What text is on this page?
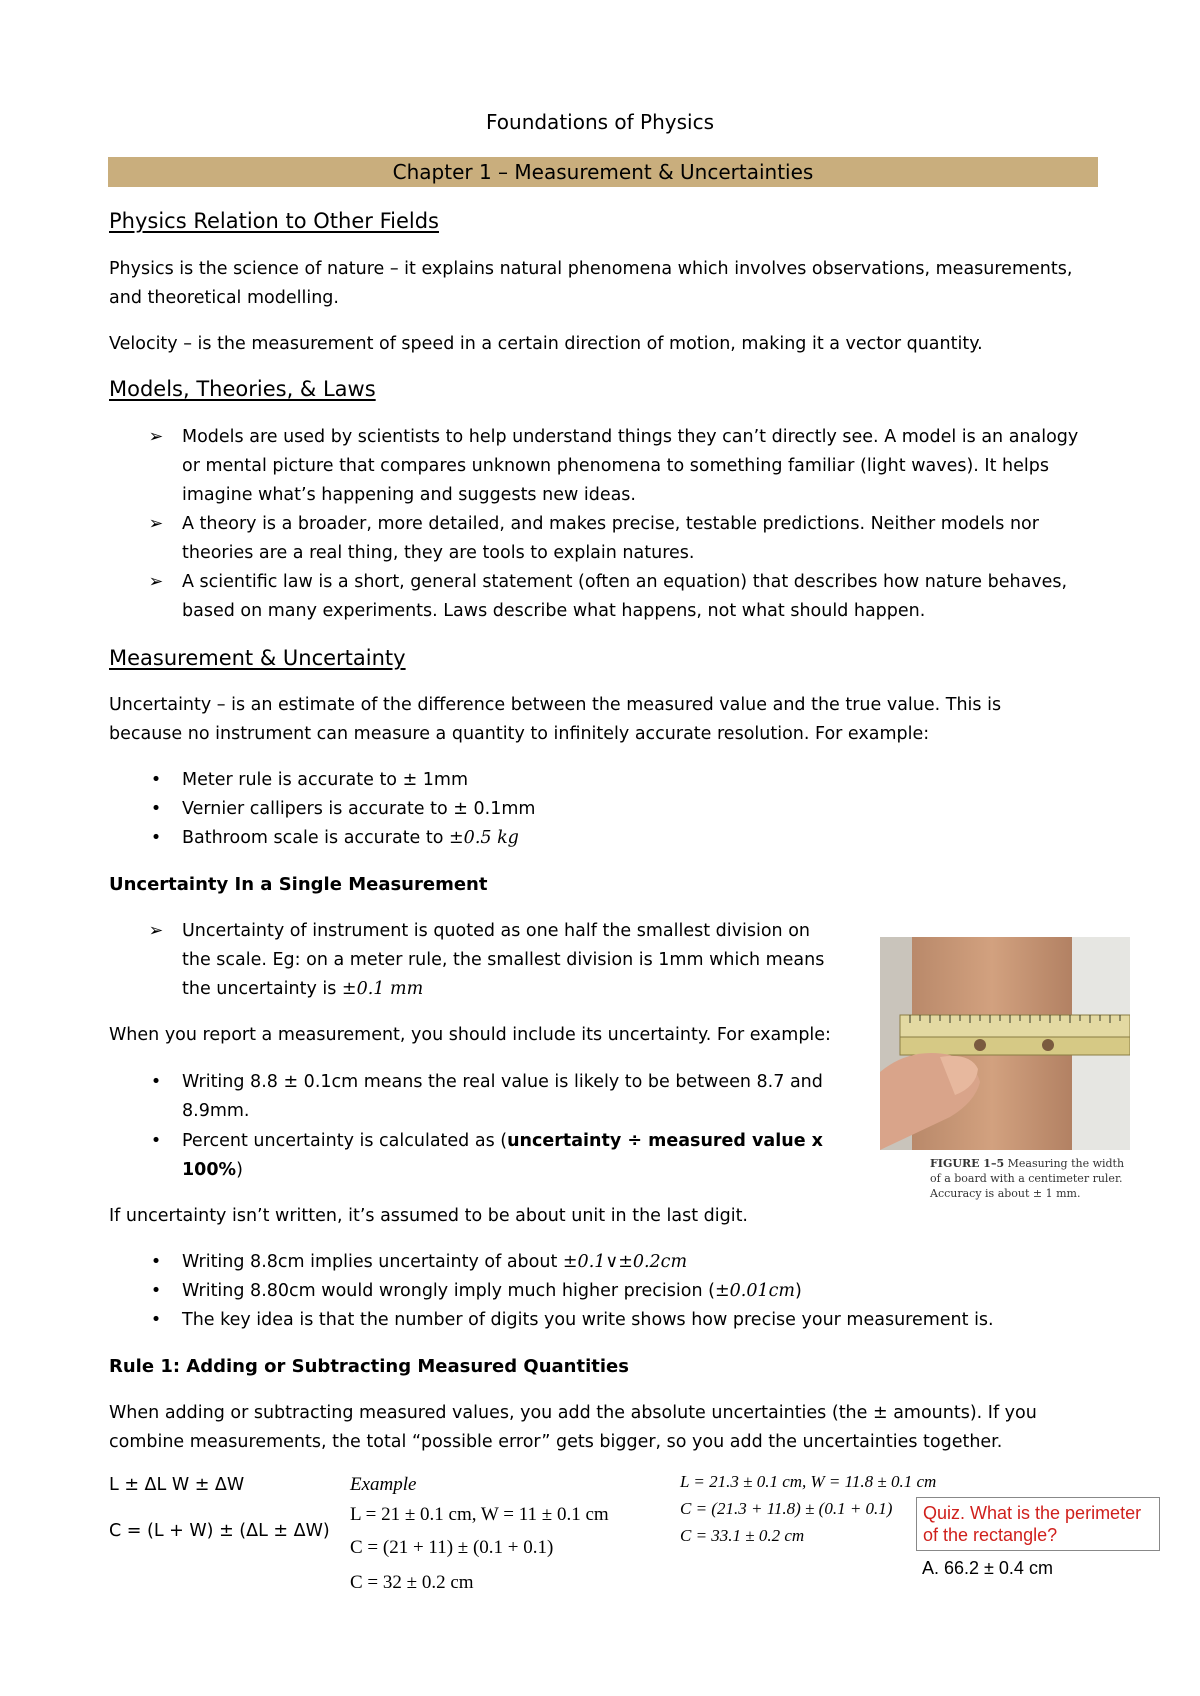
Foundations of Physics
Chapter 1 – Measurement & Uncertainties
Physics Relation to Other Fields
Physics is the science of nature – it explains natural phenomena which involves observations, measurements,
and theoretical modelling.
Velocity – is the measurement of speed in a certain direction of motion, making it a vector quantity.
Models, Theories, & Laws
➢ Models are used by scientists to help understand things they can’t directly see. A model is an analogy
or mental picture that compares unknown phenomena to something familiar (light waves). It helps
imagine what’s happening and suggests new ideas.
➢ A theory is a broader, more detailed, and makes precise, testable predictions. Neither models nor
theories are a real thing, they are tools to explain natures.
➢ A scientific law is a short, general statement (often an equation) that describes how nature behaves,
based on many experiments. Laws describe what happens, not what should happen.
Measurement & Uncertainty
Uncertainty – is an estimate of the difference between the measured value and the true value. This is
because no instrument can measure a quantity to infinitely accurate resolution. For example:
•	Meter rule is accurate to ± 1mm
•	Vernier callipers is accurate to ± 0.1mm
•	Bathroom scale is accurate to ±0.5 kg
Uncertainty In a Single Measurement
➢ Uncertainty of instrument is quoted as one half the smallest division on
the scale. Eg: on a meter rule, the smallest division is 1mm which means
the uncertainty is ±0.1 mm
When you report a measurement, you should include its uncertainty. For example:
•	Writing 8.8 ± 0.1cm means the real value is likely to be between 8.7 and
8.9mm.
•	Percent uncertainty is calculated as (uncertainty ÷ measured value x
100%)
If uncertainty isn’t written, it’s assumed to be about unit in the last digit.
•	Writing 8.8cm implies uncertainty of about ±0.1∨±0.2cm
•	Writing 8.80cm would wrongly imply much higher precision (±0.01cm)
•	The key idea is that the number of digits you write shows how precise your measurement is.
FIGURE 1–5 Measuring the width of a board with a centimeter ruler. Accuracy is about ± 1 mm.
Rule 1: Adding or Subtracting Measured Quantities
When adding or subtracting measured values, you add the absolute uncertainties (the ± amounts). If you
combine measurements, the total “possible error” gets bigger, so you add the uncertainties together.
L ± ΔL W ± ΔW
C = (L + W) ± (ΔL ± ΔW)
Example
L = 21 ± 0.1 cm, W = 11 ± 0.1 cm
C = (21 + 11) ± (0.1 + 0.1)
C = 32 ± 0.2 cm
L = 21.3 ± 0.1 cm, W = 11.8 ± 0.1 cm
C = (21.3 + 11.8) ± (0.1 + 0.1)
C = 33.1 ± 0.2 cm
Quiz. What is the perimeter of the rectangle?
A. 66.2 ± 0.4 cm
